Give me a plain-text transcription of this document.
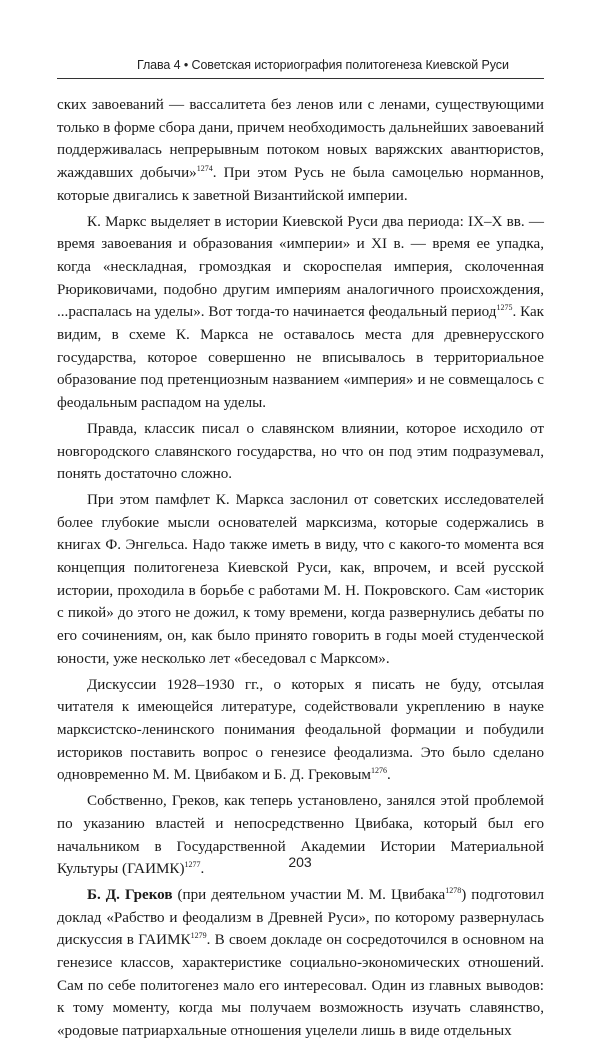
Глава 4 • Советская историография политогенеза Киевской Руси

ских завоеваний — вассалитета без ленов или с ленами, существующими только в форме сбора дани, причем необходимость дальнейших завоеваний поддерживалась непрерывным потоком новых варяжских авантюристов, жаждавших добычи»$^{1274}$. При этом Русь не была самоцелью норманнов, которые двигались к заветной Византийской империи.

К. Маркс выделяет в истории Киевской Руси два периода: IX–X вв. — время завоевания и образования «империи» и XI в. — время ее упадка, когда «нескладная, громоздкая и скороспелая империя, сколоченная Рюриковичами, подобно другим империям аналогичного происхождения, ...распалась на уделы». Вот тогда-то начинается феодальный период$^{1275}$. Как видим, в схеме К. Маркса не оставалось места для древнерусского государства, которое совершенно не вписывалось в территориальное образование под претенциозным названием «империя» и не совмещалось с феодальным распадом на уделы.

Правда, классик писал о славянском влиянии, которое исходило от новгородского славянского государства, но что он под этим подразумевал, понять достаточно сложно.

При этом памфлет К. Маркса заслонил от советских исследователей более глубокие мысли основателей марксизма, которые содержались в книгах Ф. Энгельса. Надо также иметь в виду, что с какого-то момента вся концепция политогенеза Киевской Руси, как, впрочем, и всей русской истории, проходила в борьбе с работами М. Н. Покровского. Сам «историк с пикой» до этого не дожил, к тому времени, когда развернулись дебаты по его сочинениям, он, как было принято говорить в годы моей студенческой юности, уже несколько лет «беседовал с Марксом».

Дискуссии 1928–1930 гг., о которых я писать не буду, отсылая читателя к имеющейся литературе, содействовали укреплению в науке марксистско-ленинского понимания феодальной формации и побудили историков поставить вопрос о генезисе феодализма. Это было сделано одновременно М. М. Цвибаком и Б. Д. Грековым$^{1276}$.

Собственно, Греков, как теперь установлено, занялся этой проблемой по указанию властей и непосредственно Цвибака, который был его начальником в Государственной Академии Истории Материальной Культуры (ГАИМК)$^{1277}$.

Б. Д. Греков (при деятельном участии М. М. Цвибака$^{1278}$) подготовил доклад «Рабство и феодализм в Древней Руси», по которому развернулась дискуссия в $ГАИМК^{1279}$. В своем докладе он сосредоточился в основном на генезисе классов, характеристике социально-экономических отношений. Сам по себе политогенез мало его интересовал. Один из главных выводов: к тому моменту, когда мы получаем возможность изучать славянство, «родовые патриархальные отношения уцелели лишь в виде отдельных

203
